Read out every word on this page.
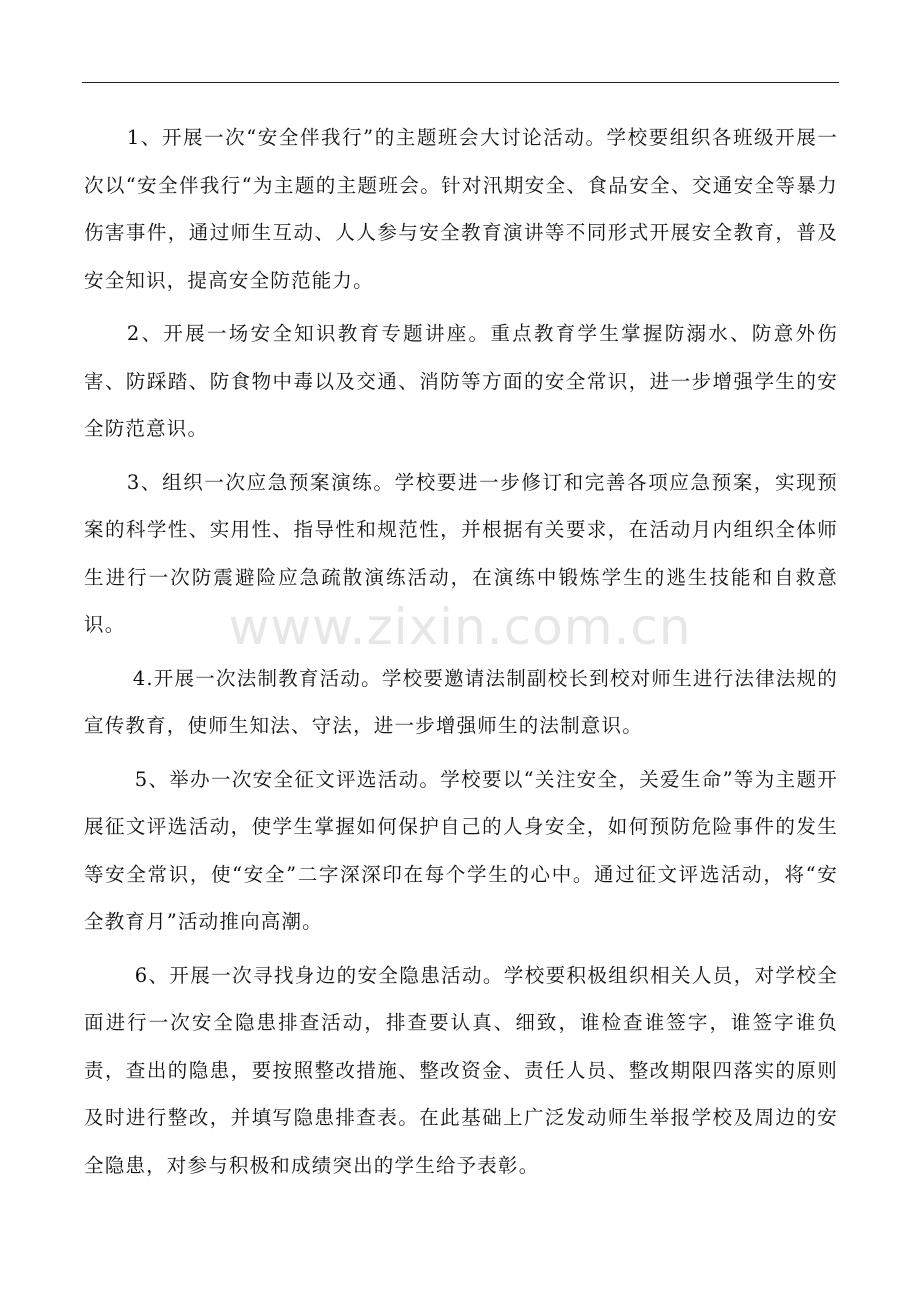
1、开展一次“安全伴我行”的主题班会大讨论活动。学校要组织各班级开展一次以“安全伴我行“为主题的主题班会。针对汛期安全、食品安全、交通安全等暴力伤害事件，通过师生互动、人人参与安全教育演讲等不同形式开展安全教育，普及安全知识，提高安全防范能力。

2、开展一场安全知识教育专题讲座。重点教育学生掌握防溺水、防意外伤害、防踩踏、防食物中毒以及交通、消防等方面的安全常识，进一步增强学生的安全防范意识。

3、组织一次应急预案演练。学校要进一步修订和完善各项应急预案，实现预案的科学性、实用性、指导性和规范性，并根据有关要求，在活动月内组织全体师生进行一次防震避险应急疏散演练活动，在演练中锻炼学生的逃生技能和自救意识。

4.开展一次法制教育活动。学校要邀请法制副校长到校对师生进行法律法规的宣传教育，使师生知法、守法，进一步增强师生的法制意识。

5、举办一次安全征文评选活动。学校要以“关注安全，关爱生命”等为主题开展征文评选活动，使学生掌握如何保护自己的人身安全，如何预防危险事件的发生等安全常识，使“安全”二字深深印在每个学生的心中。通过征文评选活动，将“安全教育月”活动推向高潮。

6、开展一次寻找身边的安全隐患活动。学校要积极组织相关人员，对学校全面进行一次安全隐患排查活动，排查要认真、细致，谁检查谁签字，谁签字谁负责，查出的隐患，要按照整改措施、整改资金、责任人员、整改期限四落实的原则及时进行整改，并填写隐患排查表。在此基础上广泛发动师生举报学校及周边的安全隐患，对参与积极和成绩突出的学生给予表彰。

www.zixin.com.cn
